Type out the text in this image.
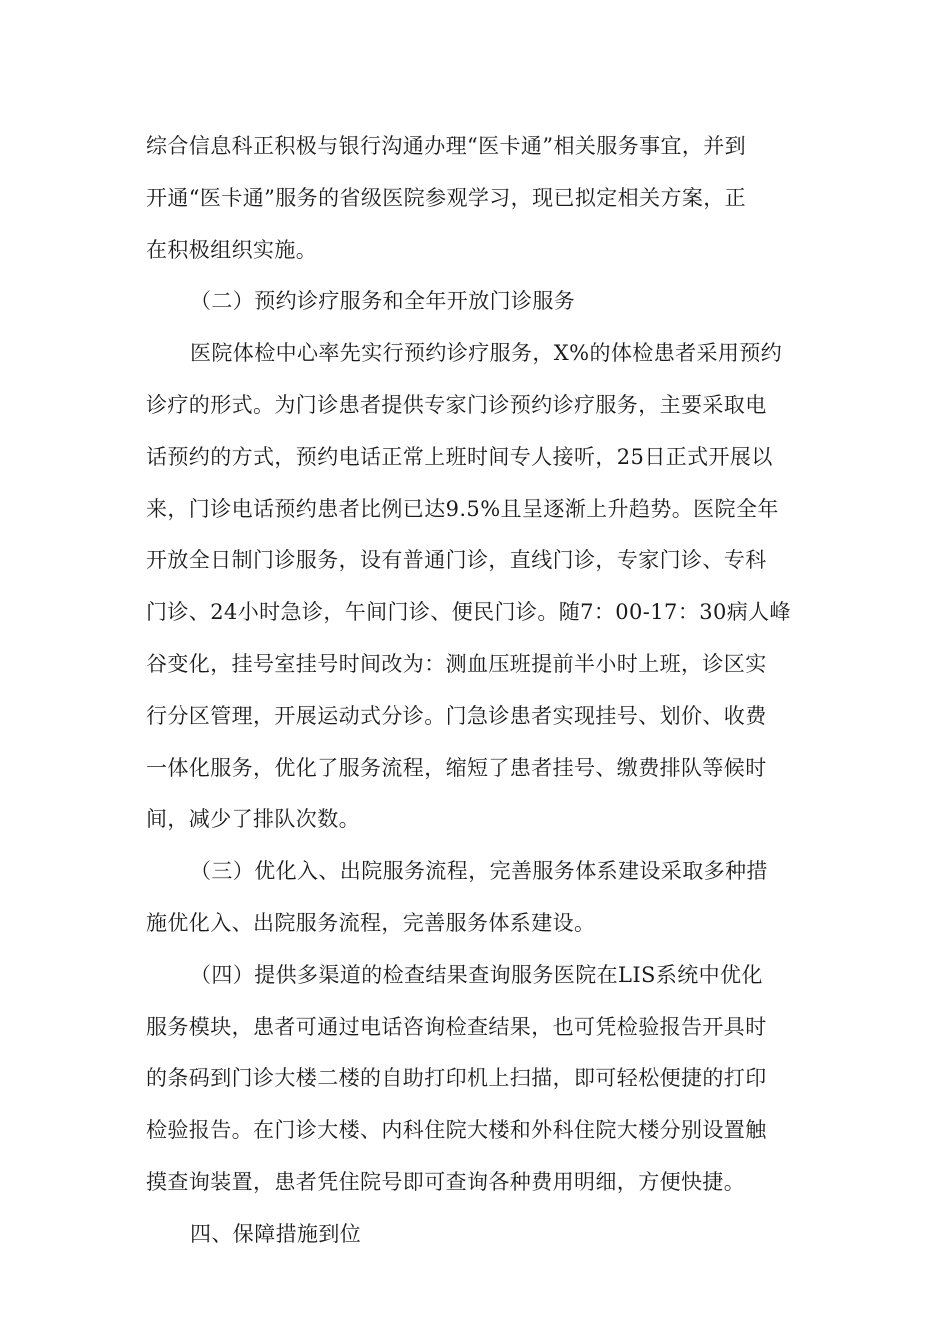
综合信息科正积极与银行沟通办理“医卡通”相关服务事宜，并到
开通“医卡通”服务的省级医院参观学习，现已拟定相关方案，正
在积极组织实施。
（二）预约诊疗服务和全年开放门诊服务
医院体检中心率先实行预约诊疗服务，X%的体检患者采用预约
诊疗的形式。为门诊患者提供专家门诊预约诊疗服务，主要采取电
话预约的方式，预约电话正常上班时间专人接听，25日正式开展以
来，门诊电话预约患者比例已达9.5%且呈逐渐上升趋势。医院全年
开放全日制门诊服务，设有普通门诊，直线门诊，专家门诊、专科
门诊、24小时急诊，午间门诊、便民门诊。随7：00-17：30病人峰
谷变化，挂号室挂号时间改为：测血压班提前半小时上班，诊区实
行分区管理，开展运动式分诊。门急诊患者实现挂号、划价、收费
一体化服务，优化了服务流程，缩短了患者挂号、缴费排队等候时
间，减少了排队次数。
（三）优化入、出院服务流程，完善服务体系建设采取多种措
施优化入、出院服务流程，完善服务体系建设。
（四）提供多渠道的检查结果查询服务医院在LIS系统中优化
服务模块，患者可通过电话咨询检查结果，也可凭检验报告开具时
的条码到门诊大楼二楼的自助打印机上扫描，即可轻松便捷的打印
检验报告。在门诊大楼、内科住院大楼和外科住院大楼分别设置触
摸查询装置，患者凭住院号即可查询各种费用明细，方便快捷。
四、保障措施到位
